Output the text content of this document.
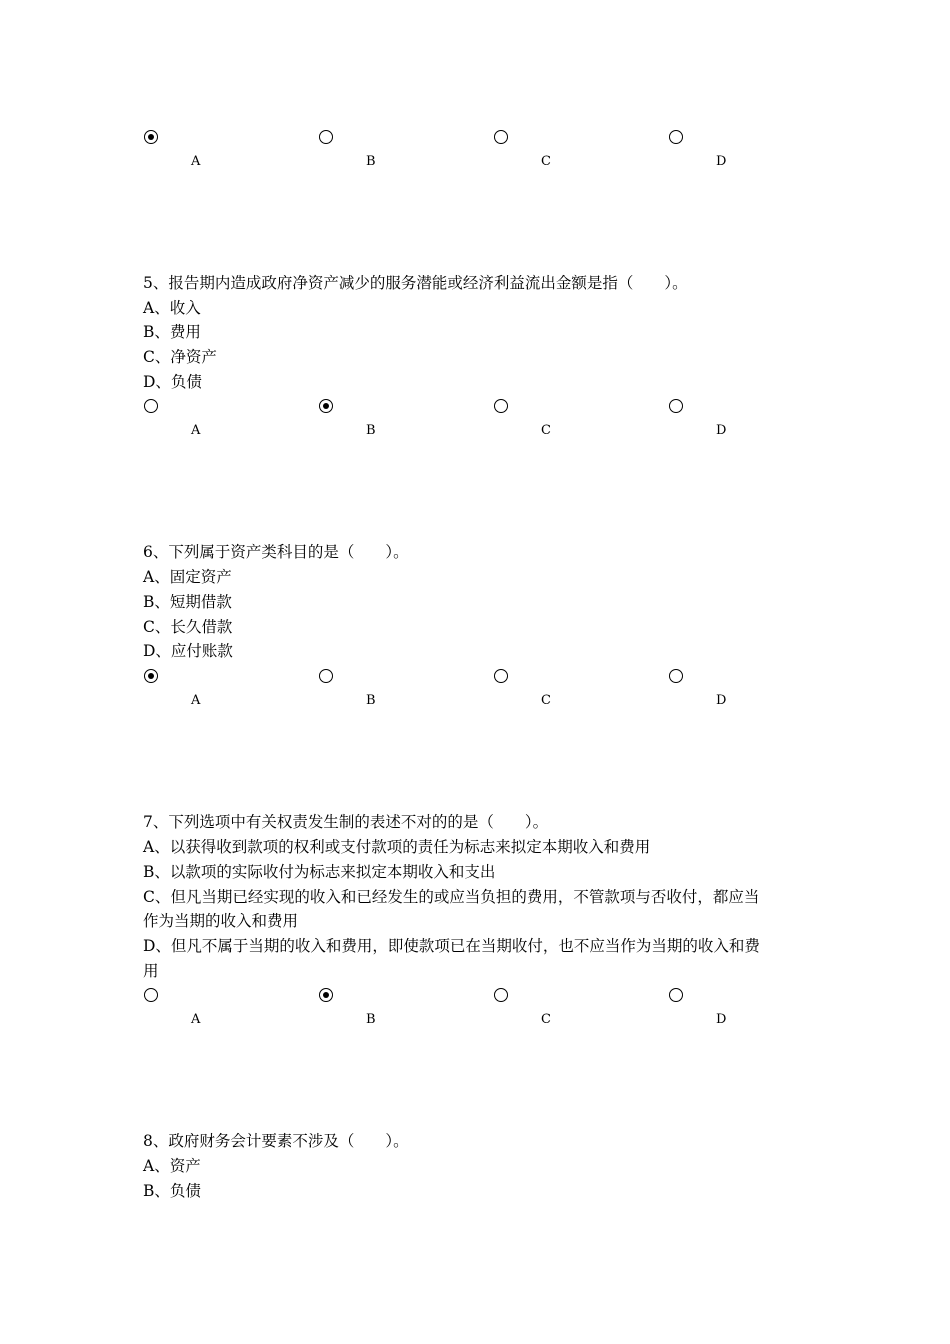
A	B	C	D
5、报告期内造成政府净资产减少的服务潜能或经济利益流出金额是指（　　）。
A、收入
B、费用
C、净资产
D、负债
A	B	C	D
6、下列属于资产类科目的是（　　）。
A、固定资产
B、短期借款
C、长久借款
D、应付账款
A	B	C	D
7、下列选项中有关权责发生制的表述不对的的是（　　）。
A、以获得收到款项的权利或支付款项的责任为标志来拟定本期收入和费用
B、以款项的实际收付为标志来拟定本期收入和支出
C、但凡当期已经实现的收入和已经发生的或应当负担的费用，不管款项与否收付，都应当
作为当期的收入和费用
D、但凡不属于当期的收入和费用，即使款项已在当期收付，也不应当作为当期的收入和费
用
A	B	C	D
8、政府财务会计要素不涉及（　　）。
A、资产
B、负债
